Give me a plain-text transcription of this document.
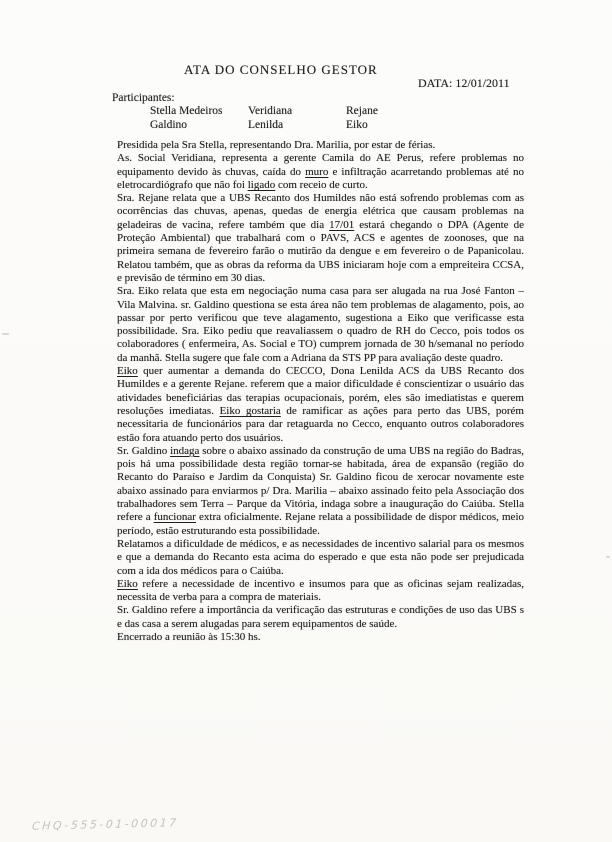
ATA DO CONSELHO GESTOR
DATA: 12/01/2011
Participantes:
Stella Medeiros	Veridiana	Rejane
Galdino	Lenilda	Eiko

Presidida pela Sra Stella, representando Dra. Marilia, por estar de férias.

As. Social Veridiana, representa a gerente Camila do AE Perus, refere problemas no equipamento devido às chuvas, caída do muro e infiltração acarretando problemas até no eletrocardiógrafo que não foi ligado com receio de curto.

Sra. Rejane relata que a UBS Recanto dos Humildes não está sofrendo problemas com as ocorrências das chuvas, apenas, quedas de energia elétrica que causam problemas na geladeiras de vacina, refere também que dia 17/01 estará chegando o DPA (Agente de Proteção Ambiental) que trabalhará com o PAVS, ACS e agentes de zoonoses, que na primeira semana de fevereiro farão o mutirão da dengue e em fevereiro o de Papanicolau. Relatou também, que as obras da reforma da UBS iniciaram hoje com a empreiteira CCSA, e previsão de término em 30 dias.

Sra. Eiko relata que esta em negociação numa casa para ser alugada na rua José Fanton – Vila Malvina. sr. Galdino questiona se esta área não tem problemas de alagamento, pois, ao passar por perto verificou que teve alagamento, sugestiona a Eiko que verificasse esta possibilidade. Sra. Eiko pediu que reavaliassem o quadro de RH do Cecco, pois todos os colaboradores ( enfermeira, As. Social e TO) cumprem jornada de 30 h/semanal no período da manhã. Stella sugere que fale com a Adriana da STS PP para avaliação deste quadro.

Eiko quer aumentar a demanda do CECCO, Dona Lenilda ACS da UBS Recanto dos Humildes e a gerente Rejane. referem que a maior dificuldade é conscientizar o usuário das atividades beneficiárias das terapias ocupacionais, porém, eles são imediatistas e querem resoluções imediatas. Eiko gostaria de ramificar as ações para perto das UBS, porém necessitaria de funcionários para dar retaguarda no Cecco, enquanto outros colaboradores estão fora atuando perto dos usuários.

Sr. Galdino indaga sobre o abaixo assinado da construção de uma UBS na região do Badras, pois há uma possibilidade desta região tornar-se habitada, área de expansão (região do Recanto do Paraíso e Jardim da Conquista) Sr. Galdino ficou de xerocar novamente este abaixo assinado para enviarmos p/ Dra. Marilia – abaixo assinado feito pela Associação dos trabalhadores sem Terra – Parque da Vitória, indaga sobre a inauguração do Caiúba. Stella refere a funcionar extra oficialmente. Rejane relata a possibilidade de dispor médicos, meio período, estão estruturando esta possibilidade.

Relatamos a dificuldade de médicos, e as necessidades de incentivo salarial para os mesmos e que a demanda do Recanto esta acima do esperado e que esta não pode ser prejudicada com a ida dos médicos para o Caiúba.

Eiko refere a necessidade de incentivo e insumos para que as oficinas sejam realizadas, necessita de verba para a compra de materiais.

Sr. Galdino refere a importância da verificação das estruturas e condições de uso das UBS s e das casa a serem alugadas para serem equipamentos de saúde.

Encerrado a reunião às 15:30 hs.

CHQ-555-01-00017
